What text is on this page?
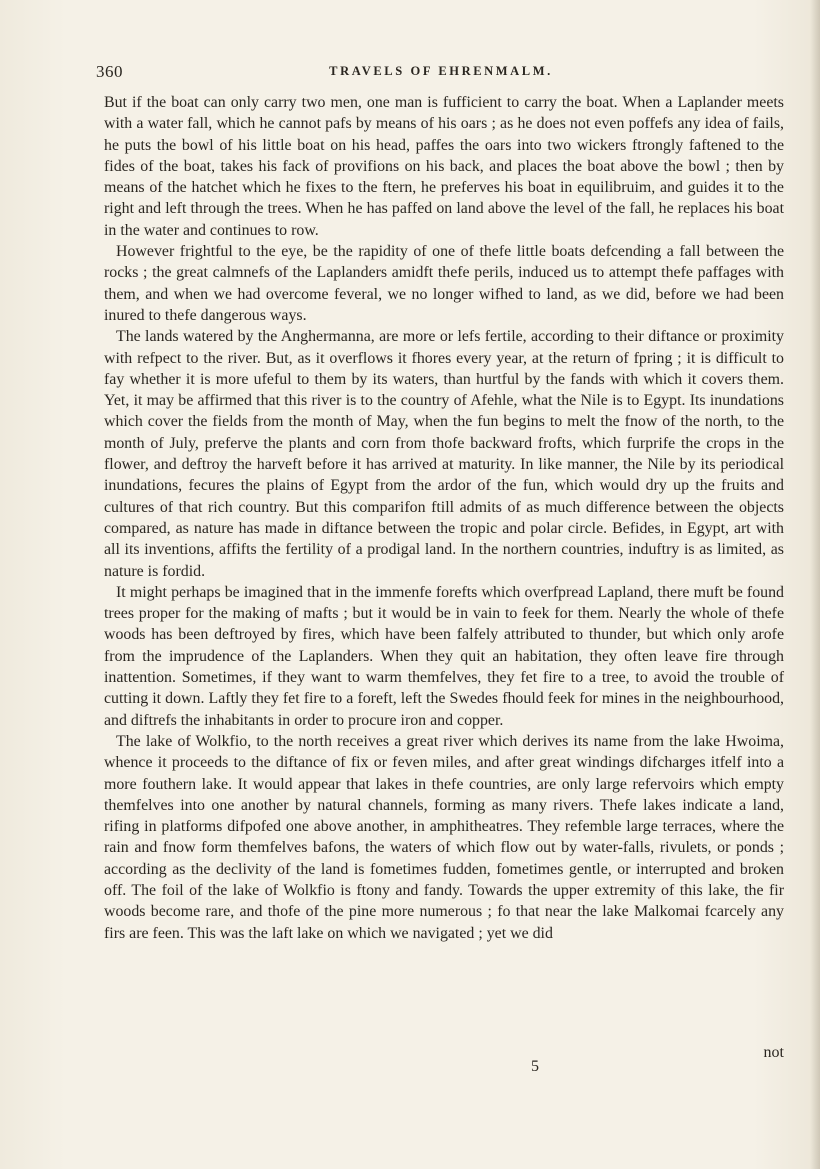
360	TRAVELS OF EHRENMALM.

But if the boat can only carry two men, one man is fufficient to carry the boat. When a Laplander meets with a water fall, which he cannot pafs by means of his oars ; as he does not even poffefs any idea of fails, he puts the bowl of his little boat on his head, paffes the oars into two wickers ftrongly faftened to the fides of the boat, takes his fack of provifions on his back, and places the boat above the bowl ; then by means of the hatchet which he fixes to the ftern, he preferves his boat in equilibruim, and guides it to the right and left through the trees. When he has paffed on land above the level of the fall, he replaces his boat in the water and continues to row.

However frightful to the eye, be the rapidity of one of thefe little boats defcending a fall between the rocks ; the great calmnefs of the Laplanders amidft thefe perils, induced us to attempt thefe paffages with them, and when we had overcome feveral, we no longer wifhed to land, as we did, before we had been inured to thefe dangerous ways.

The lands watered by the Anghermanna, are more or lefs fertile, according to their diftance or proximity with refpect to the river. But, as it overflows it fhores every year, at the return of fpring ; it is difficult to fay whether it is more ufeful to them by its waters, than hurtful by the fands with which it covers them. Yet, it may be affirmed that this river is to the country of Afehle, what the Nile is to Egypt. Its inundations which cover the fields from the month of May, when the fun begins to melt the fnow of the north, to the month of July, preferve the plants and corn from thofe backward frofts, which furprife the crops in the flower, and deftroy the harveft before it has arrived at maturity. In like manner, the Nile by its periodical inundations, fecures the plains of Egypt from the ardor of the fun, which would dry up the fruits and cultures of that rich country. But this comparifon ftill admits of as much difference between the objects compared, as nature has made in diftance between the tropic and polar circle. Befides, in Egypt, art with all its inventions, affifts the fertility of a prodigal land. In the northern countries, induftry is as limited, as nature is fordid.

It might perhaps be imagined that in the immenfe forefts which overfpread Lapland, there muft be found trees proper for the making of mafts ; but it would be in vain to feek for them. Nearly the whole of thefe woods has been deftroyed by fires, which have been falfely attributed to thunder, but which only arofe from the imprudence of the Laplanders. When they quit an habitation, they often leave fire through inattention. Sometimes, if they want to warm themfelves, they fet fire to a tree, to avoid the trouble of cutting it down. Laftly they fet fire to a foreft, left the Swedes fhould feek for mines in the neighbourhood, and diftrefs the inhabitants in order to procure iron and copper.

The lake of Wolkfio, to the north receives a great river which derives its name from the lake Hwoima, whence it proceeds to the diftance of fix or feven miles, and after great windings difcharges itfelf into a more fouthern lake. It would appear that lakes in thefe countries, are only large refervoirs which empty themfelves into one another by natural channels, forming as many rivers. Thefe lakes indicate a land, rifing in platforms difpofed one above another, in amphitheatres. They refemble large terraces, where the rain and fnow form themfelves bafons, the waters of which flow out by water-falls, rivulets, or ponds ; according as the declivity of the land is fometimes fudden, fometimes gentle, or interrupted and broken off. The foil of the lake of Wolkfio is ftony and fandy. Towards the upper extremity of this lake, the fir woods become rare, and thofe of the pine more numerous ; fo that near the lake Malkomai fcarcely any firs are feen. This was the laft lake on which we navigated ; yet we did

5
not
